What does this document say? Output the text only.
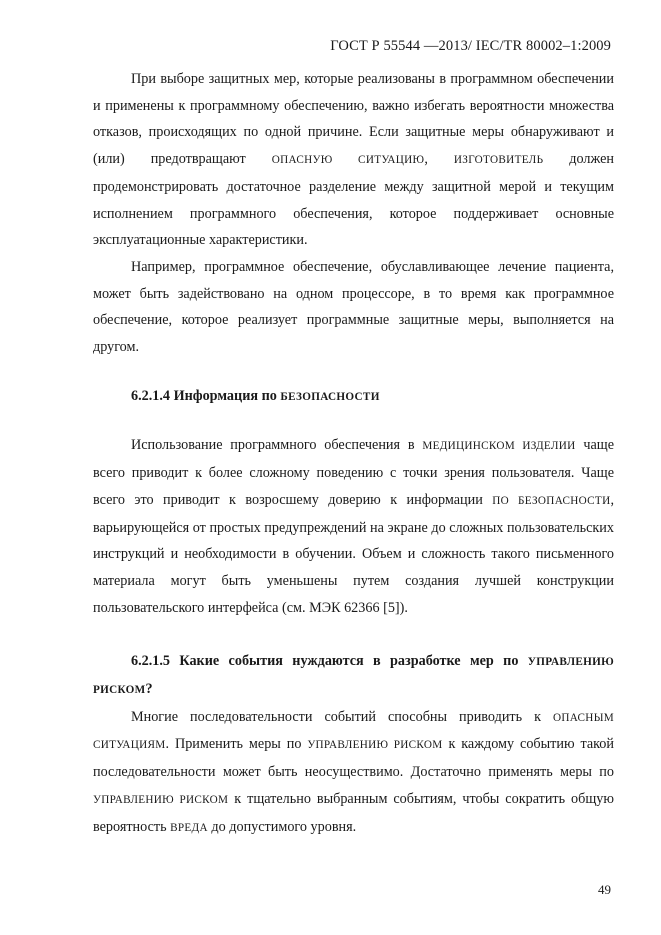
ГОСТ Р 55544 —2013/ IEC/TR 80002–1:2009

При выборе защитных мер, которые реализованы в программном обеспечении и применены к программному обеспечению, важно избегать вероятности множества отказов, происходящих по одной причине. Если защитные меры обнаруживают и (или) предотвращают ОПАСНУЮ СИТУАЦИЮ, ИЗГОТОВИТЕЛЬ должен продемонстрировать достаточное разделение между защитной мерой и текущим исполнением программного обеспечения, которое поддерживает основные эксплуатационные характеристики.

Например, программное обеспечение, обуславливающее лечение пациента, может быть задействовано на одном процессоре, в то время как программное обеспечение, которое реализует программные защитные меры, выполняется на другом.

6.2.1.4 Информация по БЕЗОПАСНОСТИ

Использование программного обеспечения в МЕДИЦИНСКОМ ИЗДЕЛИИ чаще всего приводит к более сложному поведению с точки зрения пользователя. Чаще всего это приводит к возросшему доверию к информации ПО БЕЗОПАСНОСТИ, варьирующейся от простых предупреждений на экране до сложных пользовательских инструкций и необходимости в обучении. Объем и сложность такого письменного материала могут быть уменьшены путем создания лучшей конструкции пользовательского интерфейса (см. МЭК 62366 [5]).

6.2.1.5 Какие события нуждаются в разработке мер по УПРАВЛЕНИЮ РИСКОМ?

Многие последовательности событий способны приводить к ОПАСНЫМ СИТУАЦИЯМ. Применить меры по УПРАВЛЕНИЮ РИСКОМ к каждому событию такой последовательности может быть неосуществимо. Достаточно применять меры по УПРАВЛЕНИЮ РИСКОМ к тщательно выбранным событиям, чтобы сократить общую вероятность ВРЕДА до допустимого уровня.

49
